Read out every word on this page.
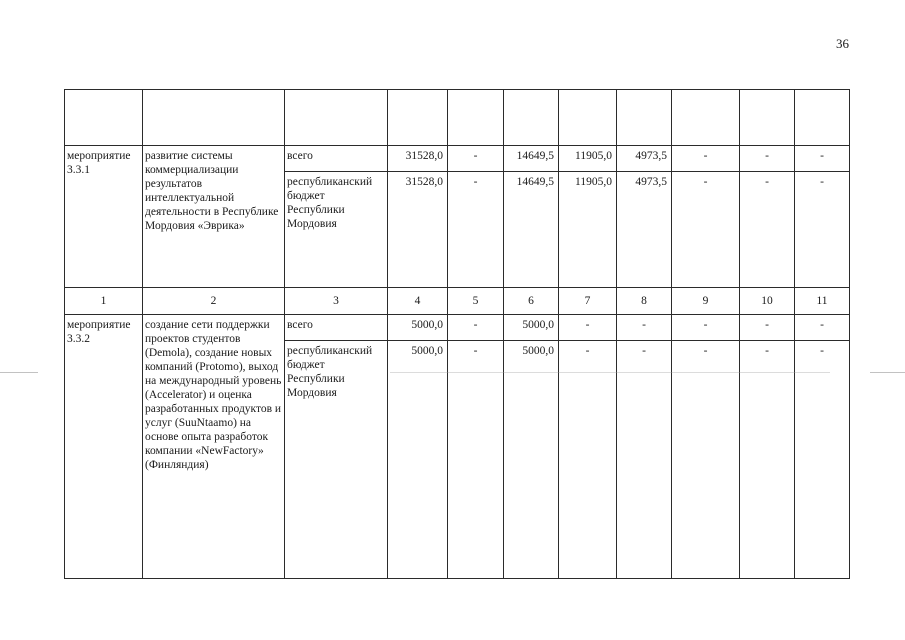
36

мероприятие 3.3.1	развитие системы коммерциализации результатов интеллектуальной деятельности в Республике Мордовия «Эврика»	всего	31528,0	-	14649,5	11905,0	4973,5	-	-	-
		республиканский бюджет Республики Мордовия	31528,0	-	14649,5	11905,0	4973,5	-	-	-
1	2	3	4	5	6	7	8	9	10	11
мероприятие 3.3.2	создание сети поддержки проектов студентов (Demola), создание новых компаний (Protomo), выход на международный уровень (Accelerator) и оценка разработанных продуктов и услуг (SuuNtaamo) на основе опыта разработок компании «NewFactory» (Финляндия)	всего	5000,0	-	5000,0	-	-	-	-	-
		республиканский бюджет Республики Мордовия	5000,0	-	5000,0	-	-	-	-	-
